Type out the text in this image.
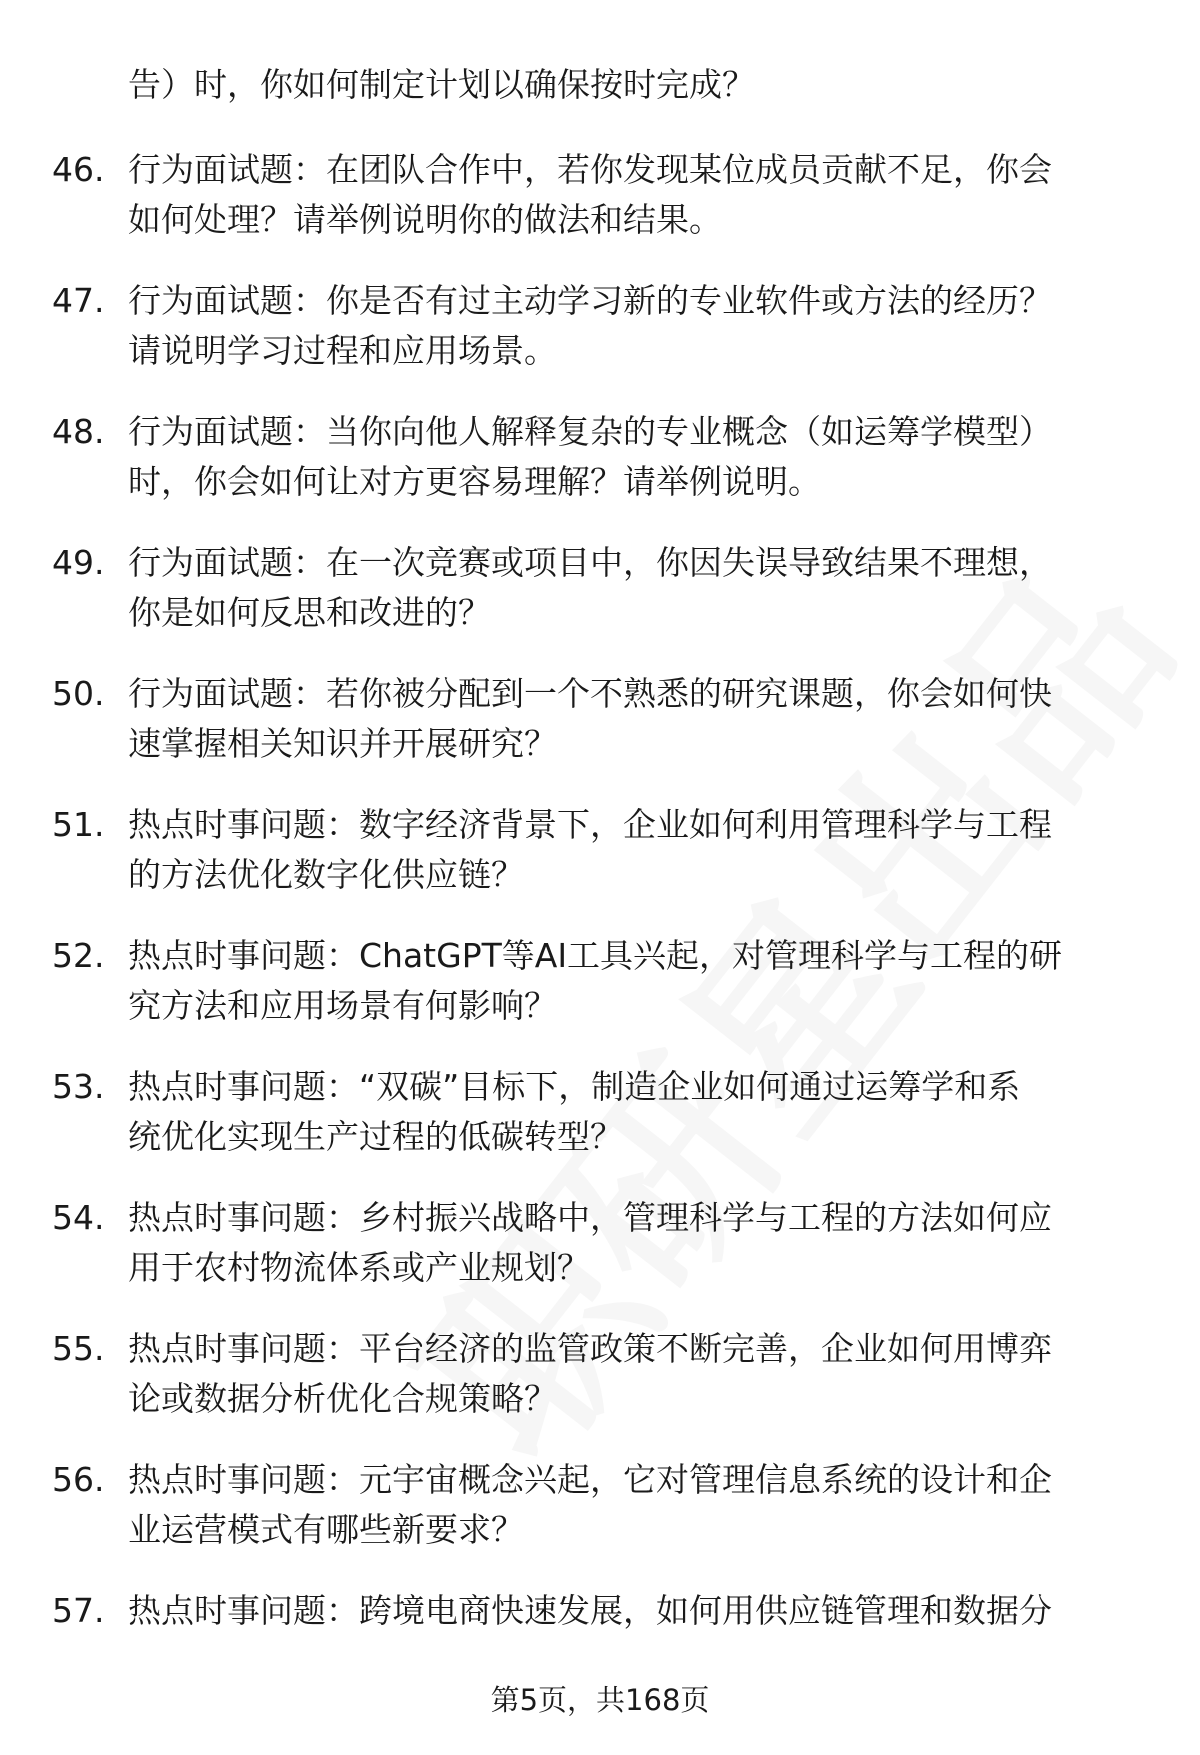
告）时，你如何制定计划以确保按时完成？

46. 行为面试题：在团队合作中，若你发现某位成员贡献不足，你会
如何处理？请举例说明你的做法和结果。

47. 行为面试题：你是否有过主动学习新的专业软件或方法的经历？
请说明学习过程和应用场景。

48. 行为面试题：当你向他人解释复杂的专业概念（如运筹学模型）
时，你会如何让对方更容易理解？请举例说明。

49. 行为面试题：在一次竞赛或项目中，你因失误导致结果不理想，
你是如何反思和改进的？

50. 行为面试题：若你被分配到一个不熟悉的研究课题，你会如何快
速掌握相关知识并开展研究？

51. 热点时事问题：数字经济背景下，企业如何利用管理科学与工程
的方法优化数字化供应链？

52. 热点时事问题：ChatGPT等AI工具兴起，对管理科学与工程的研
究方法和应用场景有何影响？

53. 热点时事问题：“双碳”目标下，制造企业如何通过运筹学和系
统优化实现生产过程的低碳转型？

54. 热点时事问题：乡村振兴战略中，管理科学与工程的方法如何应
用于农村物流体系或产业规划？

55. 热点时事问题：平台经济的监管政策不断完善，企业如何用博弈
论或数据分析优化合规策略？

56. 热点时事问题：元宇宙概念兴起，它对管理信息系统的设计和企
业运营模式有哪些新要求？

57. 热点时事问题：跨境电商快速发展，如何用供应链管理和数据分

第5页，共168页
